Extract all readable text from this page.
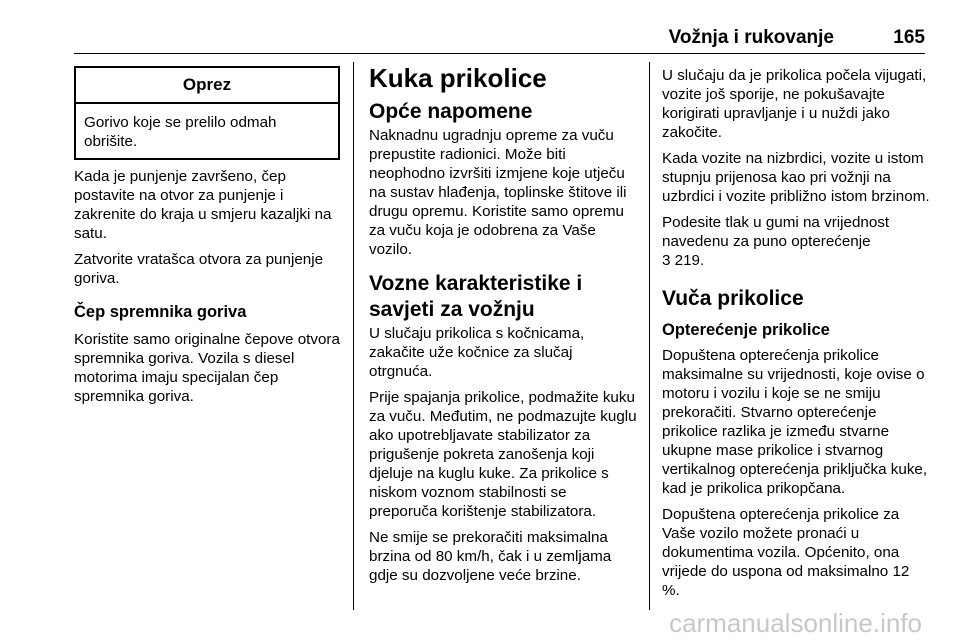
Vožnja i rukovanje	165
Oprez
Gorivo koje se prelilo odmah obrišite.

Kada je punjenje završeno, čep postavite na otvor za punjenje i zakrenite do kraja u smjeru kazaljki na satu.

Zatvorite vratašca otvora za punjenje goriva.

Čep spremnika goriva

Koristite samo originalne čepove otvora spremnika goriva. Vozila s diesel motorima imaju specijalan čep spremnika goriva.

Kuka prikolice
Opće napomene

Naknadnu ugradnju opreme za vuču prepustite radionici. Može biti neophodno izvršiti izmjene koje utječu na sustav hlađenja, toplinske štitove ili drugu opremu. Koristite samo opremu za vuču koja je odobrena za Vaše vozilo.

Vozne karakteristike i savjeti za vožnju

U slučaju prikolica s kočnicama, zakačite uže kočnice za slučaj otrgnuća.

Prije spajanja prikolice, podmažite kuku za vuču. Međutim, ne podmazujte kuglu ako upotrebljavate stabilizator za prigušenje pokreta zanošenja koji djeluje na kuglu kuke. Za prikolice s niskom voznom stabilnosti se preporuča korištenje stabilizatora.

Ne smije se prekoračiti maksimalna brzina od 80 km/h, čak i u zemljama gdje su dozvoljene veće brzine.

U slučaju da je prikolica počela vijugati, vozite još sporije, ne pokušavajte korigirati upravljanje i u nuždi jako zakočite.

Kada vozite na nizbrdici, vozite u istom stupnju prijenosa kao pri vožnji na uzbrdici i vozite približno istom brzinom.

Podesite tlak u gumi na vrijednost navedenu za puno opterećenje
3 219.

Vuča prikolice
Opterećenje prikolice

Dopuštena opterećenja prikolice maksimalne su vrijednosti, koje ovise o motoru i vozilu i koje se ne smiju prekoračiti. Stvarno opterećenje prikolice razlika je između stvarne ukupne mase prikolice i stvarnog vertikalnog opterećenja priključka kuke, kad je prikolica prikopčana.

Dopuštena opterećenja prikolice za Vaše vozilo možete pronaći u dokumentima vozila. Općenito, ona vrijede do uspona od maksimalno 12 %.

carmanualsonline.info
